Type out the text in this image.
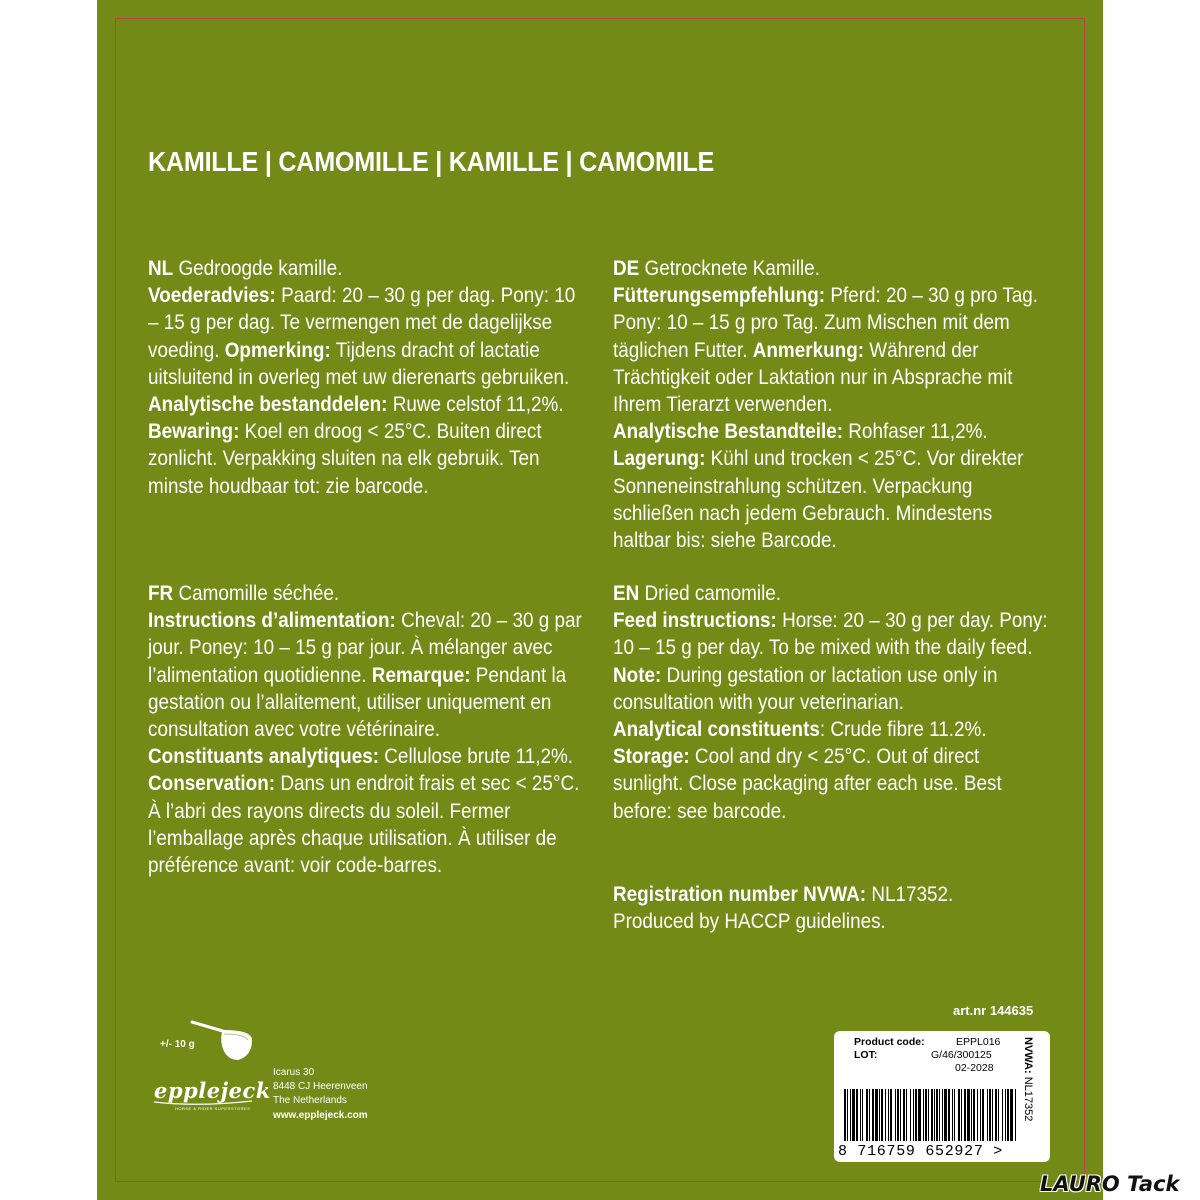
KAMILLE | CAMOMILLE | KAMILLE | CAMOMILE

NL Gedroogde kamille.

Voederadvies: Paard: 20 – 30 g per dag. Pony: 10 – 15 g per dag. Te vermengen met de dagelijkse voeding. Opmerking: Tijdens dracht of lactatie uitsluitend in overleg met uw dierenarts gebruiken.

Analytische bestanddelen: Ruwe celstof 11,2%.

Bewaring: Koel en droog < 25°C. Buiten direct zonlicht. Verpakking sluiten na elk gebruik. Ten minste houdbaar tot: zie barcode.

DE Getrocknete Kamille.

Fütterungsempfehlung: Pferd: 20 – 30 g pro Tag. Pony: 10 – 15 g pro Tag. Zum Mischen mit dem täglichen Futter. Anmerkung: Während der Trächtigkeit oder Laktation nur in Absprache mit Ihrem Tierarzt verwenden.

Analytische Bestandteile: Rohfaser 11,2%.

Lagerung: Kühl und trocken < 25°C. Vor direkter Sonneneinstrahlung schützen. Verpackung schließen nach jedem Gebrauch. Mindestens haltbar bis: siehe Barcode.

FR Camomille séchée.

Instructions d’alimentation: Cheval: 20 – 30 g par jour. Poney: 10 – 15 g par jour. À mélanger avec l’alimentation quotidienne. Remarque: Pendant la gestation ou l’allaitement, utiliser uniquement en consultation avec votre vétérinaire.

Constituants analytiques: Cellulose brute 11,2%.

Conservation: Dans un endroit frais et sec < 25°C. À l’abri des rayons directs du soleil. Fermer l’emballage après chaque utilisation. À utiliser de préférence avant: voir code-barres.

EN Dried camomile.

Feed instructions: Horse: 20 – 30 g per day. Pony: 10 – 15 g per day. To be mixed with the daily feed. Note: During gestation or lactation use only in consultation with your veterinarian.

Analytical constituents: Crude fibre 11.2%.

Storage: Cool and dry < 25°C. Out of direct sunlight. Close packaging after each use. Best before: see barcode.

Registration number NVWA: NL17352.

Produced by HACCP guidelines.

art.nr 144635
+/- 10 g
epplejeck
HORSE & RIDER SUPERSTORES
Icarus 30
8448 CJ Heerenveen
The Netherlands
www.epplejeck.com
Product code:	EPPL016
LOT:	G/46/300125
02-2028
8 716759 652927 >
NVWA: NL17352
LAURO Tack
